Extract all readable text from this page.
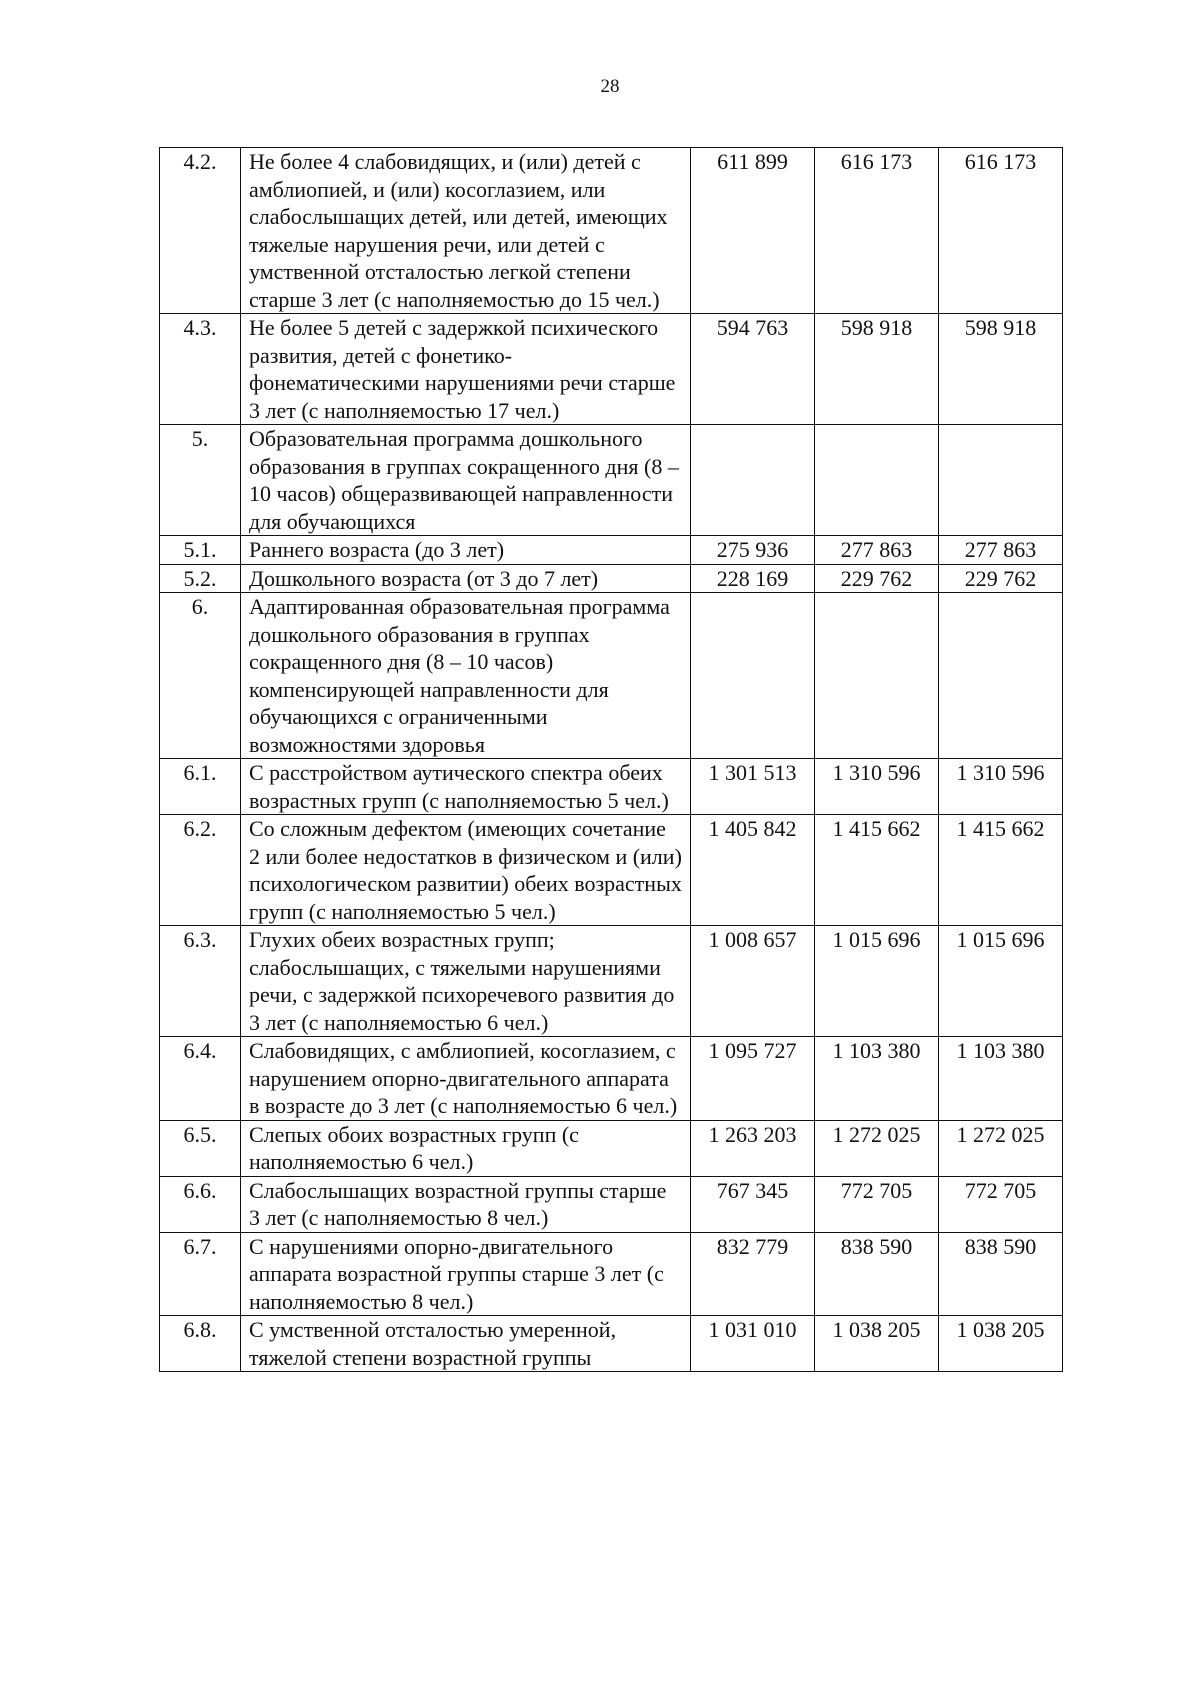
28
4.2.	Не более 4 слабовидящих, и (или) детей с амблиопией, и (или) косоглазием, или слабослышащих детей, или детей, имеющих тяжелые нарушения речи, или детей с умственной отсталостью легкой степени старше 3 лет (с наполняемостью до 15 чел.)	611 899	616 173	616 173
4.3.	Не более 5 детей с задержкой психического развития, детей с фонетико-фонематическими нарушениями речи старше 3 лет (с наполняемостью 17 чел.)	594 763	598 918	598 918
5.	Образовательная программа дошкольного образования в группах сокращенного дня (8 – 10 часов) общеразвивающей направленности для обучающихся			
5.1.	Раннего возраста (до 3 лет)	275 936	277 863	277 863
5.2.	Дошкольного возраста (от 3 до 7 лет)	228 169	229 762	229 762
6.	Адаптированная образовательная программа дошкольного образования в группах сокращенного дня (8 – 10 часов) компенсирующей направленности для обучающихся с ограниченными возможностями здоровья			
6.1.	С расстройством аутического спектра обеих возрастных групп (с наполняемостью 5 чел.)	1 301 513	1 310 596	1 310 596
6.2.	Со сложным дефектом (имеющих сочетание 2 или более недостатков в физическом и (или) психологическом развитии) обеих возрастных групп (с наполняемостью 5 чел.)	1 405 842	1 415 662	1 415 662
6.3.	Глухих обеих возрастных групп; слабослышащих, с тяжелыми нарушениями речи, с задержкой психоречевого развития до 3 лет (с наполняемостью 6 чел.)	1 008 657	1 015 696	1 015 696
6.4.	Слабовидящих, с амблиопией, косоглазием, с нарушением опорно-двигательного аппарата в возрасте до 3 лет (с наполняемостью 6 чел.)	1 095 727	1 103 380	1 103 380
6.5.	Слепых обоих возрастных групп (с наполняемостью 6 чел.)	1 263 203	1 272 025	1 272 025
6.6.	Слабослышащих возрастной группы старше 3 лет (с наполняемостью 8 чел.)	767 345	772 705	772 705
6.7.	С нарушениями опорно-двигательного аппарата возрастной группы старше 3 лет (с наполняемостью 8 чел.)	832 779	838 590	838 590
6.8.	С умственной отсталостью умеренной, тяжелой степени возрастной группы	1 031 010	1 038 205	1 038 205
